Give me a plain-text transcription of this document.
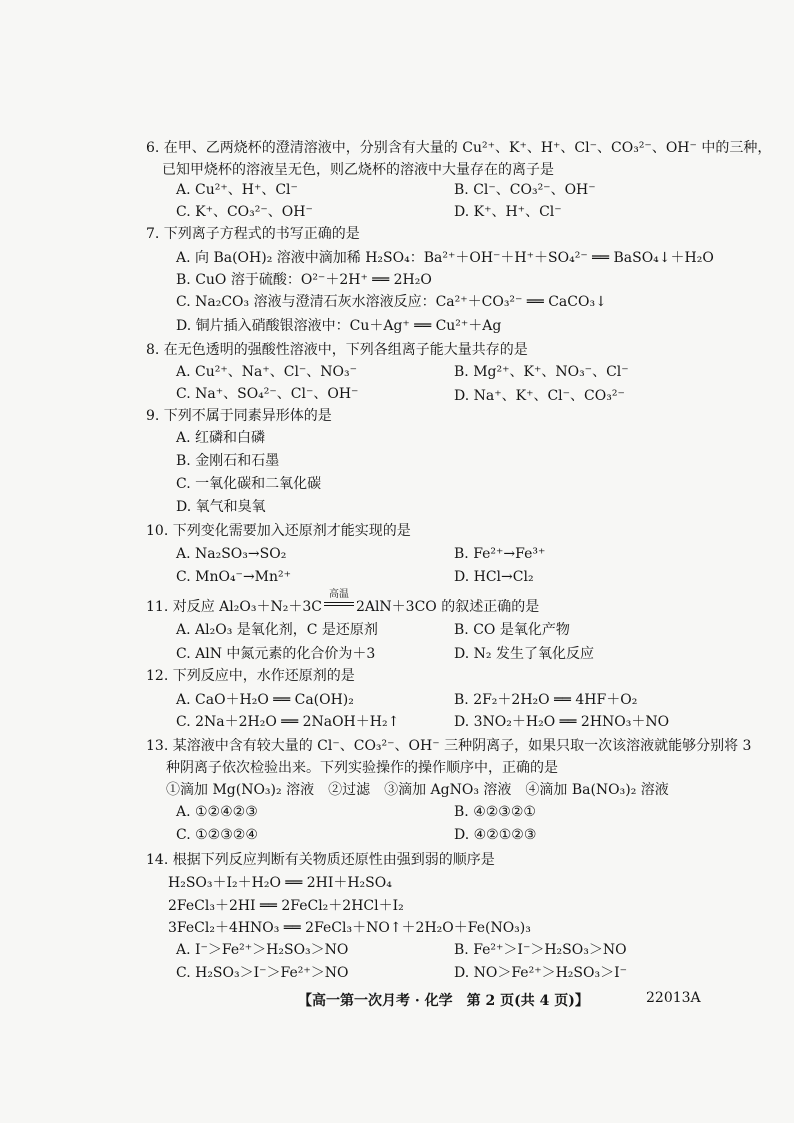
6. 在甲、乙两烧杯的澄清溶液中，分别含有大量的 Cu²⁺、K⁺、H⁺、Cl⁻、CO₃²⁻、OH⁻ 中的三种，
已知甲烧杯的溶液呈无色，则乙烧杯的溶液中大量存在的离子是
A. Cu²⁺、H⁺、Cl⁻	B. Cl⁻、CO₃²⁻、OH⁻
C. K⁺、CO₃²⁻、OH⁻	D. K⁺、H⁺、Cl⁻
7. 下列离子方程式的书写正确的是
A. 向 Ba(OH)₂ 溶液中滴加稀 H₂SO₄：Ba²⁺＋OH⁻＋H⁺＋SO₄²⁻ ══ BaSO₄↓＋H₂O
B. CuO 溶于硫酸：O²⁻＋2H⁺ ══ 2H₂O
C. Na₂CO₃ 溶液与澄清石灰水溶液反应：Ca²⁺＋CO₃²⁻ ══ CaCO₃↓
D. 铜片插入硝酸银溶液中：Cu＋Ag⁺ ══ Cu²⁺＋Ag
8. 在无色透明的强酸性溶液中，下列各组离子能大量共存的是
A. Cu²⁺、Na⁺、Cl⁻、NO₃⁻	B. Mg²⁺、K⁺、NO₃⁻、Cl⁻
C. Na⁺、SO₄²⁻、Cl⁻、OH⁻	D. Na⁺、K⁺、Cl⁻、CO₃²⁻
9. 下列不属于同素异形体的是
A. 红磷和白磷
B. 金刚石和石墨
C. 一氧化碳和二氧化碳
D. 氧气和臭氧
10. 下列变化需要加入还原剂才能实现的是
A. Na₂SO₃→SO₂	B. Fe²⁺→Fe³⁺
C. MnO₄⁻→Mn²⁺	D. HCl→Cl₂
11. 对反应 Al₂O₃＋N₂＋3C
高温
2AlN＋3CO 的叙述正确的是
A. Al₂O₃ 是氧化剂，C 是还原剂	B. CO 是氧化产物
C. AlN 中氮元素的化合价为＋3	D. N₂ 发生了氧化反应
12. 下列反应中，水作还原剂的是
A. CaO＋H₂O ══ Ca(OH)₂	B. 2F₂＋2H₂O ══ 4HF＋O₂
C. 2Na＋2H₂O ══ 2NaOH＋H₂↑	D. 3NO₂＋H₂O ══ 2HNO₃＋NO
13. 某溶液中含有较大量的 Cl⁻、CO₃²⁻、OH⁻ 三种阴离子，如果只取一次该溶液就能够分别将 3
种阴离子依次检验出来。下列实验操作的操作顺序中，正确的是
①滴加 Mg(NO₃)₂ 溶液　②过滤　③滴加 AgNO₃ 溶液　④滴加 Ba(NO₃)₂ 溶液
A. ①②④②③	B. ④②③②①
C. ①②③②④	D. ④②①②③
14. 根据下列反应判断有关物质还原性由强到弱的顺序是
H₂SO₃＋I₂＋H₂O ══ 2HI＋H₂SO₄
2FeCl₃＋2HI ══ 2FeCl₂＋2HCl＋I₂
3FeCl₂＋4HNO₃ ══ 2FeCl₃＋NO↑＋2H₂O＋Fe(NO₃)₃
A. I⁻＞Fe²⁺＞H₂SO₃＞NO	B. Fe²⁺＞I⁻＞H₂SO₃＞NO
C. H₂SO₃＞I⁻＞Fe²⁺＞NO	D. NO＞Fe²⁺＞H₂SO₃＞I⁻
【高一第一次月考 · 化学　第 2 页(共 4 页)】	22013A
